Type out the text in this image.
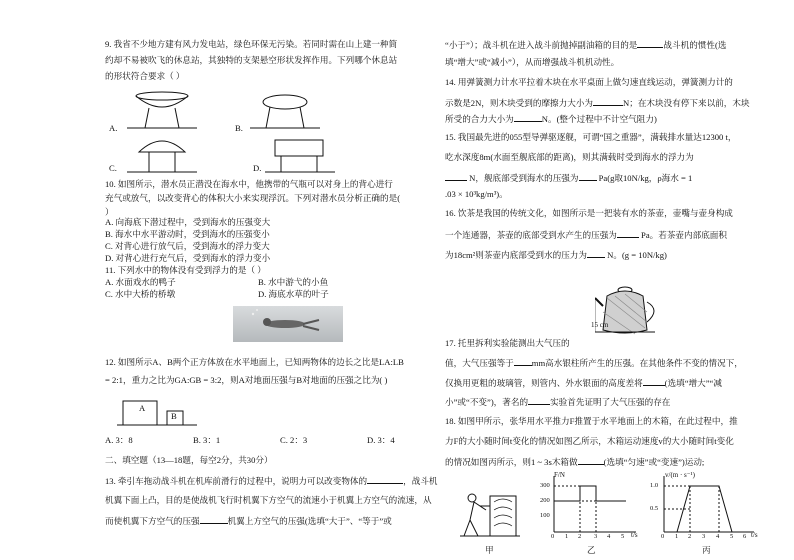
9. 我省不少地方建有风力发电站，绿色环保无污染。若同时需在山上建一种简
约却不易被吹飞的休息站，其独特的支架悬空形状发挥作用。下列哪个休息站
的形状符合要求（ ）
A.	B.
C.	D.
10. 如图所示，潜水员正潜没在海水中，他携带的气瓶可以对身上的背心进行
充气或放气，以改变背心的体积大小来实现浮沉。下列对潜水员分析正确的是(
）
A. 向海底下潜过程中，受到海水的压强变大
B. 海水中水平游动时，受到海水的压强变小
C. 对背心进行放气后，受到海水的浮力变大
D. 对背心进行充气后，受到海水的浮力变小
11. 下列水中的物体没有受到浮力的是（ ）
A. 水面戏水的鸭子	B. 水中游弋的小鱼
C. 水中大桥的桥墩	D. 海底水草的叶子
12. 如图所示A、B两个正方体放在水平地面上，已知两物体的边长之比是LA:LB
= 2:1，重力之比为GA:GB = 3:2，则A对地面压强与B对地面的压强之比为( )
A
B
A. 3：8	B. 3：1	C. 2：3	D. 3：4
二、填空题（13—18题，每空2分，共30分）
13. 牵引车拖动战斗机在机库前滑行的过程中，说明力可以改变物体的	，战斗机
机翼下面上凸，目的是使战机飞行时机翼下方空气的流速小于机翼上方空气的流速，从
而使机翼下方空气的压强	机翼上方空气的压强(选填“大于”、“等于”或
“小于”）；战斗机在进入战斗前抛掉副油箱的目的是	战斗机的惯性(选
填“增大”或“减小”），从而增强战斗机机动性。
14. 用弹簧测力计水平拉着木块在水平桌面上做匀速直线运动，弹簧测力计的
示数是2N，则木块受到的摩擦力大小为	N；在木块没有停下来以前，木块
所受的合力大小为	N。(整个过程中不计空气阻力)
15. 我国最先进的055型导弹驱逐舰，可谓“国之重器”，满载排水量达12300 t，
吃水深度8m(水面至舰底部的距离)，则其满载时受到海水的浮力为
N，舰底部受到海水的压强为 Pa(g取10N/kg，ρ海水 = 1
.03 × 10³kg/m³)。
16. 饮茶是我国的传统文化，如图所示是一把装有水的茶壶，壶嘴与壶身构成
一个连通器，茶壶的底部受到水产生的压强为	Pa。若茶壶内部底面积
为18cm²则茶壶内底部受到水的压力为 N。(g = 10N/kg)
15 cm
17. 托里拆利实验能测出大气压的
值，大气压强等于 mm高水银柱所产生的压强。在其他条件不变的情况下，
仅换用更粗的玻璃管，则管内、外水银面的高度差将	(选填“增大”“减
小”或“不变”)，著名的	实验首先证明了大气压强的存在
18. 如图甲所示，张华用水平推力F推置于水平地面上的木箱，在此过程中，推
力F的大小随时间t变化的情况如图乙所示，木箱运动速度v的大小随时间t变化
的情况如图丙所示，则1 ~ 3s木箱做	(选填“匀速”或“变速”)运动;
甲
F/N
300
200
100
0 1 2 3 4 5 t/s
乙
v/(m · s⁻¹)
1.0
0.5
0 1 2 3 4 5 6 t/s
丙
